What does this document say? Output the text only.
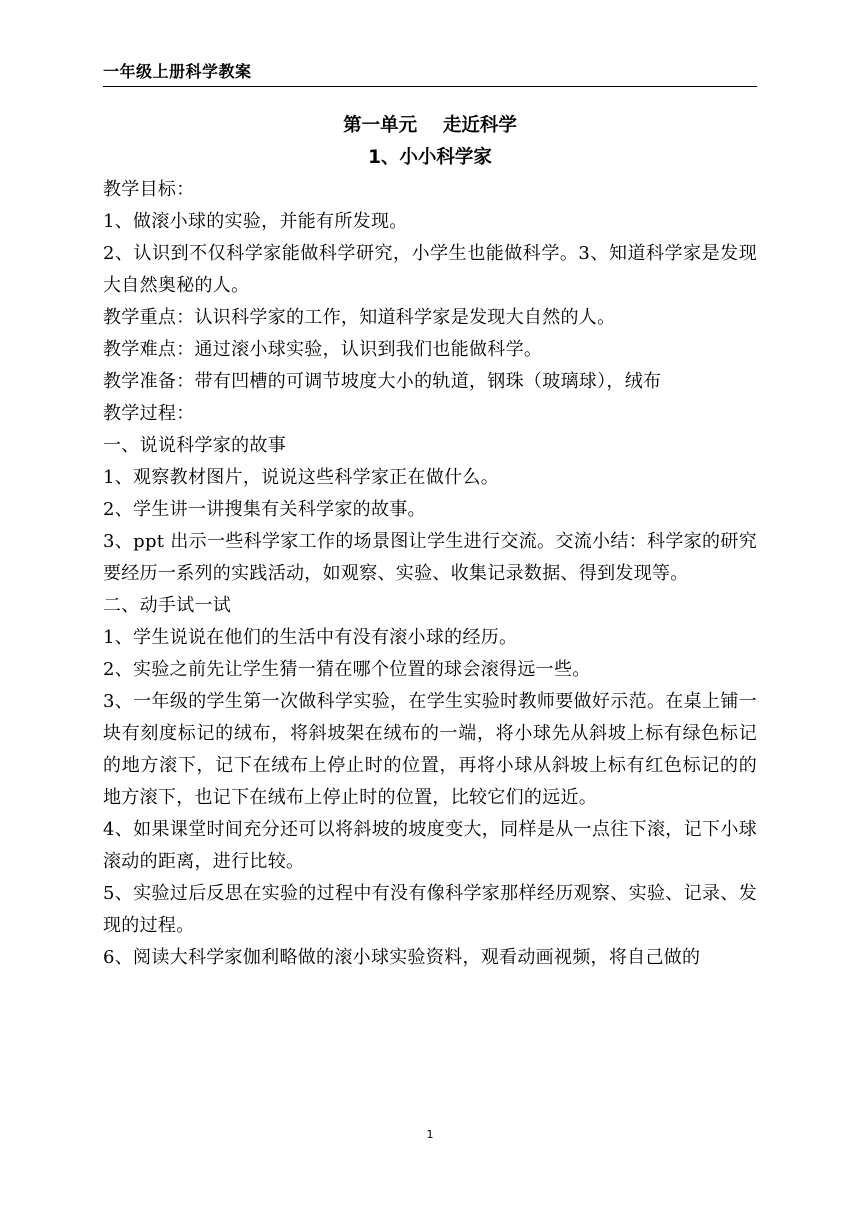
一年级上册科学教案
第一单元    走近科学
1、小小科学家

教学目标：

1、做滚小球的实验，并能有所发现。

2、认识到不仅科学家能做科学研究，小学生也能做科学。3、知道科学家是发现大自然奥秘的人。

教学重点：认识科学家的工作，知道科学家是发现大自然的人。

教学难点：通过滚小球实验，认识到我们也能做科学。

教学准备：带有凹槽的可调节坡度大小的轨道，钢珠（玻璃球），绒布

教学过程：

一、说说科学家的故事

1、观察教材图片，说说这些科学家正在做什么。

2、学生讲一讲搜集有关科学家的故事。

3、ppt 出示一些科学家工作的场景图让学生进行交流。交流小结：科学家的研究要经历一系列的实践活动，如观察、实验、收集记录数据、得到发现等。

二、动手试一试

1、学生说说在他们的生活中有没有滚小球的经历。

2、实验之前先让学生猜一猜在哪个位置的球会滚得远一些。

3、一年级的学生第一次做科学实验，在学生实验时教师要做好示范。在桌上铺一块有刻度标记的绒布，将斜坡架在绒布的一端，将小球先从斜坡上标有绿色标记的地方滚下，记下在绒布上停止时的位置，再将小球从斜坡上标有红色标记的的地方滚下，也记下在绒布上停止时的位置，比较它们的远近。

4、如果课堂时间充分还可以将斜坡的坡度变大，同样是从一点往下滚，记下小球滚动的距离，进行比较。

5、实验过后反思在实验的过程中有没有像科学家那样经历观察、实验、记录、发现的过程。

6、阅读大科学家伽利略做的滚小球实验资料，观看动画视频，将自己做的

1
